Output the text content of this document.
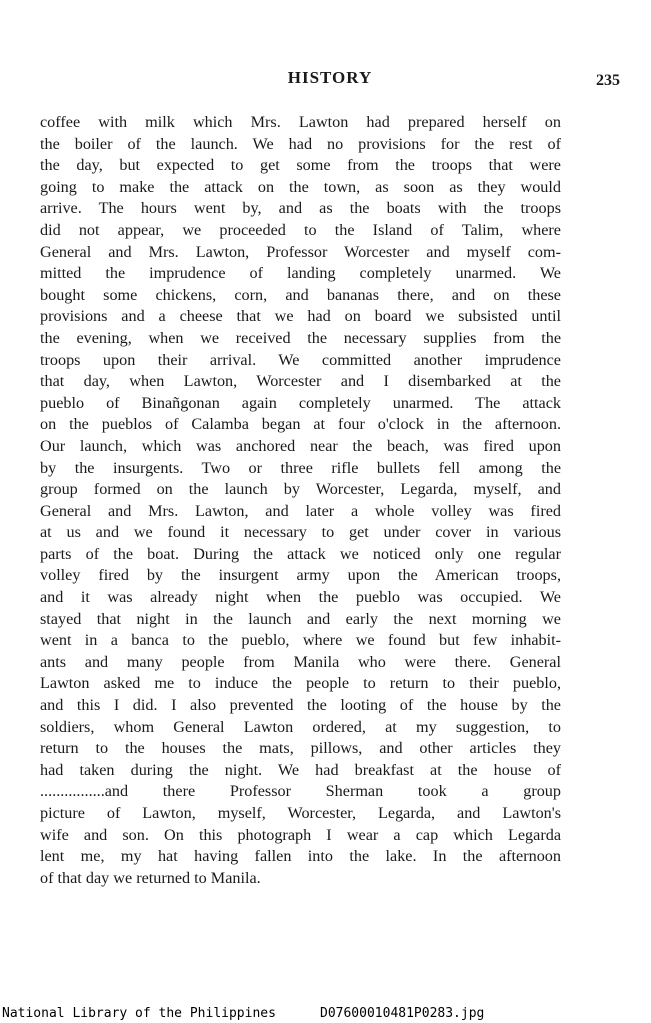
HISTORY	235
coffee with milk which Mrs. Lawton had prepared herself on
the boiler of the launch. We had no provisions for the rest of
the day, but expected to get some from the troops that were
going to make the attack on the town, as soon as they would
arrive. The hours went by, and as the boats with the troops
did not appear, we proceeded to the Island of Talim, where
General and Mrs. Lawton, Professor Worcester and myself com-
mitted the imprudence of landing completely unarmed. We
bought some chickens, corn, and bananas there, and on these
provisions and a cheese that we had on board we subsisted until
the evening, when we received the necessary supplies from the
troops upon their arrival. We committed another imprudence
that day, when Lawton, Worcester and I disembarked at the
pueblo of Binañgonan again completely unarmed. The attack
on the pueblos of Calamba began at four o'clock in the afternoon.
Our launch, which was anchored near the beach, was fired upon
by the insurgents. Two or three rifle bullets fell among the
group formed on the launch by Worcester, Legarda, myself, and
General and Mrs. Lawton, and later a whole volley was fired
at us and we found it necessary to get under cover in various
parts of the boat. During the attack we noticed only one regular
volley fired by the insurgent army upon the American troops,
and it was already night when the pueblo was occupied. We
stayed that night in the launch and early the next morning we
went in a banca to the pueblo, where we found but few inhabit-
ants and many people from Manila who were there. General
Lawton asked me to induce the people to return to their pueblo,
and this I did. I also prevented the looting of the house by the
soldiers, whom General Lawton ordered, at my suggestion, to
return to the houses the mats, pillows, and other articles they
had taken during the night. We had breakfast at the house of
................and there Professor Sherman took a group
picture of Lawton, myself, Worcester, Legarda, and Lawton's
wife and son. On this photograph I wear a cap which Legarda
lent me, my hat having fallen into the lake. In the afternoon
of that day we returned to Manila.
National Library of the Philippines	D07600010481P0283.jpg
